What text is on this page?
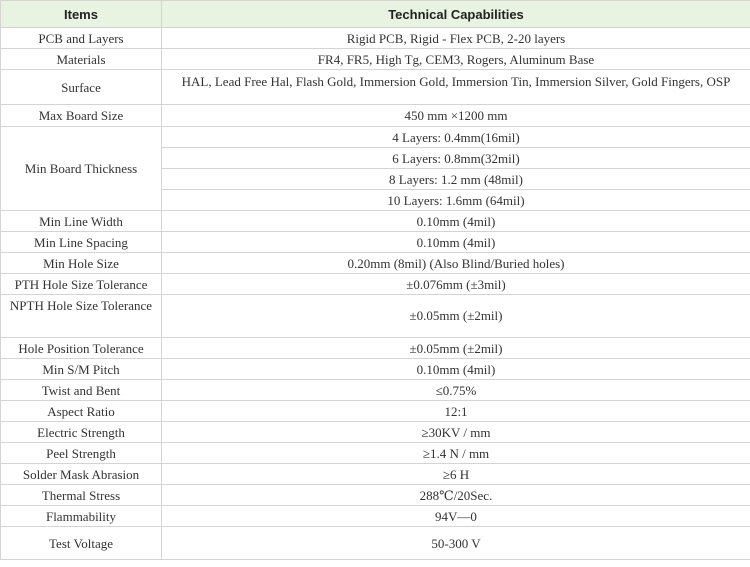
Items	Technical Capabilities
PCB and Layers	Rigid PCB, Rigid - Flex PCB, 2-20 layers
Materials	FR4, FR5, High Tg, CEM3, Rogers, Aluminum Base
Surface	HAL, Lead Free Hal, Flash Gold, Immersion Gold, Immersion Tin, Immersion Silver, Gold Fingers, OSP
Max Board Size	450 mm ×1200 mm
Min Board Thickness	4 Layers: 0.4mm(16mil)
	6 Layers: 0.8mm(32mil)
	8 Layers: 1.2 mm (48mil)
	10 Layers: 1.6mm (64mil)
Min Line Width	0.10mm (4mil)
Min Line Spacing	0.10mm (4mil)
Min Hole Size	0.20mm (8mil) (Also Blind/Buried holes)
PTH Hole Size Tolerance	±0.076mm (±3mil)
NPTH Hole Size Tolerance	±0.05mm (±2mil)
Hole Position Tolerance	±0.05mm (±2mil)
Min S/M Pitch	0.10mm (4mil)
Twist and Bent	≤0.75%
Aspect Ratio	12:1
Electric Strength	≥30KV / mm
Peel Strength	≥1.4 N / mm
Solder Mask Abrasion	≥6 H
Thermal Stress	288℃/20Sec.
Flammability	94V—0
Test Voltage	50-300 V
